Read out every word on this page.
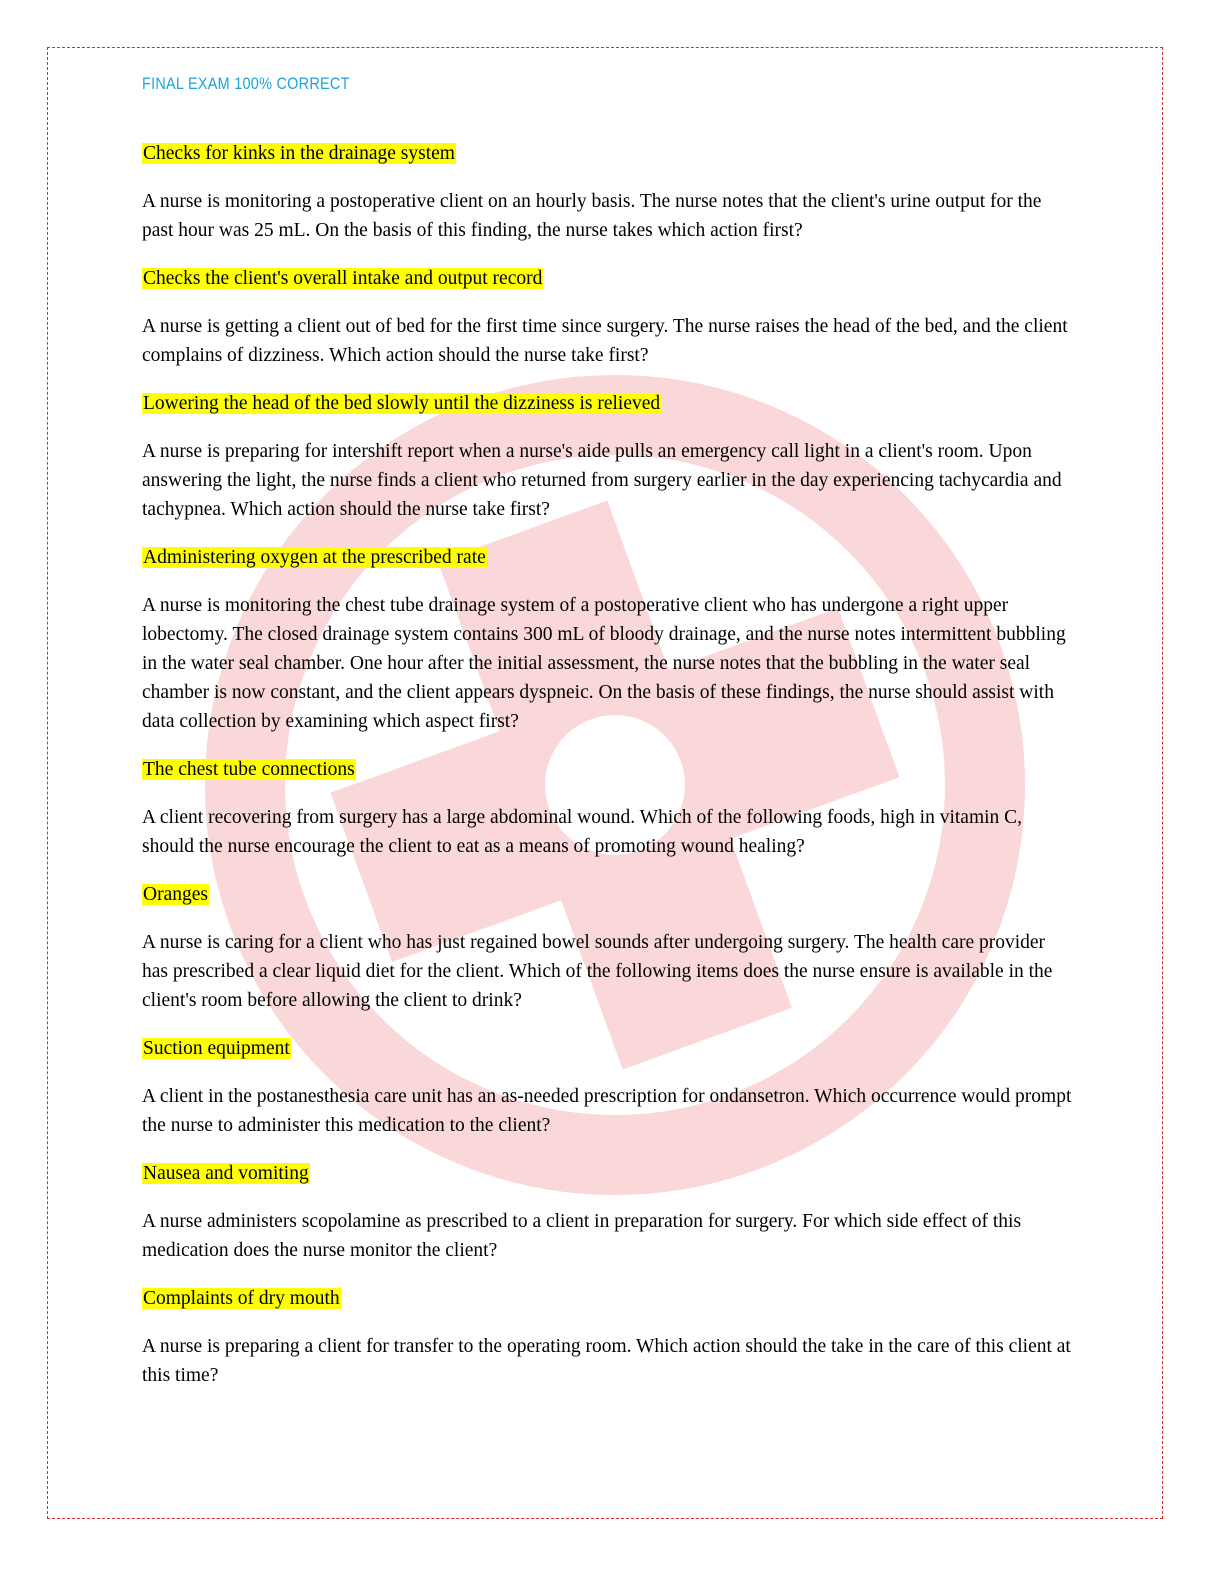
FINAL EXAM 100% CORRECT

Checks for kinks in the drainage system

A nurse is monitoring a postoperative client on an hourly basis. The nurse notes that the client's urine output for the past hour was 25 mL. On the basis of this finding, the nurse takes which action first?

Checks the client's overall intake and output record

A nurse is getting a client out of bed for the first time since surgery. The nurse raises the head of the bed, and the client complains of dizziness. Which action should the nurse take first?

Lowering the head of the bed slowly until the dizziness is relieved

A nurse is preparing for intershift report when a nurse's aide pulls an emergency call light in a client's room. Upon answering the light, the nurse finds a client who returned from surgery earlier in the day experiencing tachycardia and tachypnea. Which action should the nurse take first?

Administering oxygen at the prescribed rate

A nurse is monitoring the chest tube drainage system of a postoperative client who has undergone a right upper lobectomy. The closed drainage system contains 300 mL of bloody drainage, and the nurse notes intermittent bubbling in the water seal chamber. One hour after the initial assessment, the nurse notes that the bubbling in the water seal chamber is now constant, and the client appears dyspneic. On the basis of these findings, the nurse should assist with data collection by examining which aspect first?

The chest tube connections

A client recovering from surgery has a large abdominal wound. Which of the following foods, high in vitamin C, should the nurse encourage the client to eat as a means of promoting wound healing?

Oranges

A nurse is caring for a client who has just regained bowel sounds after undergoing surgery. The health care provider has prescribed a clear liquid diet for the client. Which of the following items does the nurse ensure is available in the client's room before allowing the client to drink?

Suction equipment

A client in the postanesthesia care unit has an as-needed prescription for ondansetron. Which occurrence would prompt the nurse to administer this medication to the client?

Nausea and vomiting

A nurse administers scopolamine as prescribed to a client in preparation for surgery. For which side effect of this medication does the nurse monitor the client?

Complaints of dry mouth

A nurse is preparing a client for transfer to the operating room. Which action should the take in the care of this client at this time?
